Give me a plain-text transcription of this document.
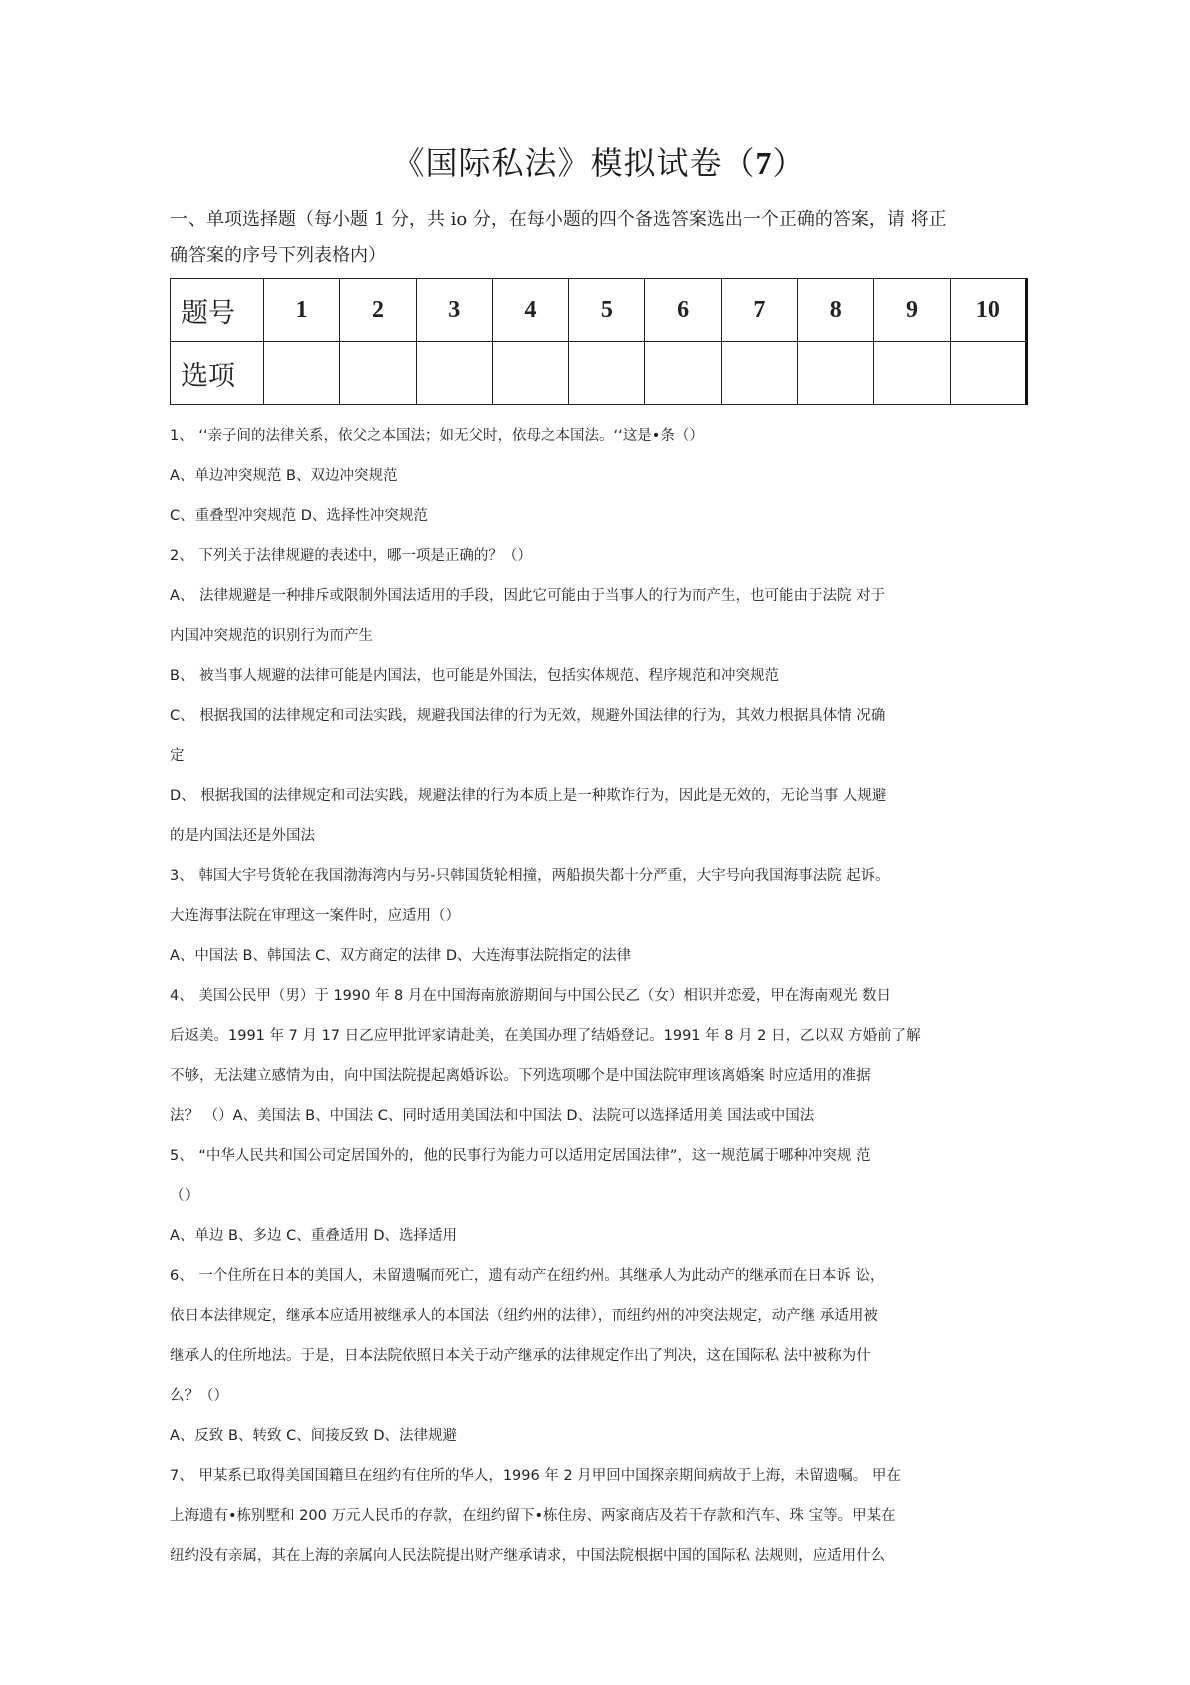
《国际私法》模拟试卷（7）

一、单项选择题（每小题 1 分，共 io 分，在每小题的四个备选答案选出一个正确的答案，请 将正
确答案的序号下列表格内）

题号	1	2	3	4	5	6	7	8	9	10
选项										

1、 ‘‘亲子间的法律关系，依父之本国法；如无父时，依母之本国法。‘‘这是•条（）

A、单边冲突规范 B、双边冲突规范

C、重叠型冲突规范 D、选择性冲突规范

2、 下列关于法律规避的表述中，哪一项是正确的？（）

A、 法律规避是一种排斥或限制外国法适用的手段，因此它可能由于当事人的行为而产生，也可能由于法院 对于

内国冲突规范的识别行为而产生

B、 被当事人规避的法律可能是内国法，也可能是外国法，包括实体规范、程序规范和冲突规范

C、 根据我国的法律规定和司法实践，规避我国法律的行为无效，规避外国法律的行为，其效力根据具体情 况确

定

D、 根据我国的法律规定和司法实践，规避法律的行为本质上是一种欺诈行为，因此是无效的，无论当事 人规避

的是内国法还是外国法

3、 韩国大宇号货轮在我国渤海湾内与另-只韩国货轮相撞，两船损失都十分严重，大宇号向我国海事法院 起诉。

大连海事法院在审理这一案件时，应适用（）

A、中国法 B、韩国法 C、双方商定的法律 D、大连海事法院指定的法律

4、 美国公民甲（男）于 1990 年 8 月在中国海南旅游期间与中国公民乙（女）相识并恋爱，甲在海南观光 数日

后返美。1991 年 7 月 17 日乙应甲批评家请赴美，在美国办理了结婚登记。1991 年 8 月 2 日，乙以双 方婚前了解

不够，无法建立感情为由，向中国法院提起离婚诉讼。下列选项哪个是中国法院审理该离婚案 时应适用的准据

法？ （）A、美国法 B、中国法 C、同时适用美国法和中国法 D、法院可以选择适用美 国法或中国法

5、 “中华人民共和国公司定居国外的，他的民事行为能力可以适用定居国法律”，这一规范属于哪种冲突规 范

（）

A、单边 B、多边 C、重叠适用 D、选择适用

6、 一个住所在日本的美国人，未留遗嘱而死亡，遗有动产在纽约州。其继承人为此动产的继承而在日本诉 讼，

依日本法律规定，继承本应适用被继承人的本国法（纽约州的法律），而纽约州的冲突法规定，动产继 承适用被

继承人的住所地法。于是，日本法院依照日本关于动产继承的法律规定作出了判决，这在国际私 法中被称为什

么？（）

A、反致 B、转致 C、间接反致 D、法律规避

7、 甲某系已取得美国国籍旦在纽约有住所的华人，1996 年 2 月甲回中国探亲期间病故于上海，未留遗嘱。 甲在

上海遗有•栋别墅和 200 万元人民币的存款，在纽约留下•栋住房、两家商店及若干存款和汽车、珠 宝等。甲某在

纽约没有亲属，其在上海的亲属向人民法院提出财产继承请求，中国法院根据中国的国际私 法规则，应适用什么
